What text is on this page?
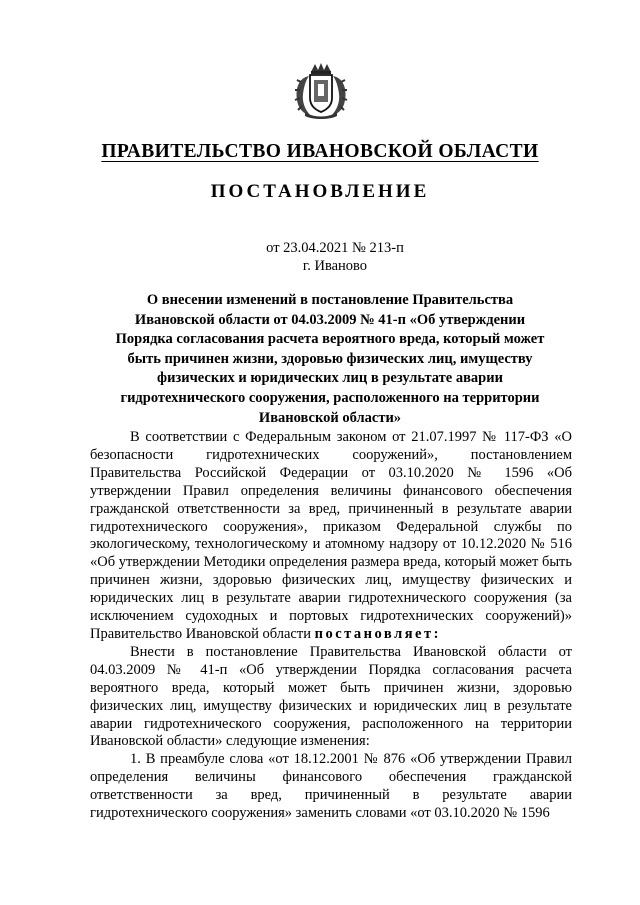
ПРАВИТЕЛЬСТВО ИВАНОВСКОЙ ОБЛАСТИ
ПОСТАНОВЛЕНИЕ
от 23.04.2021 № 213-п
г. Иваново
О внесении изменений в постановление Правительства Ивановской области от 04.03.2009 № 41-п «Об утверждении Порядка согласования расчета вероятного вреда, который может быть причинен жизни, здоровью физических лиц, имуществу физических и юридических лиц в результате аварии гидротехнического сооружения, расположенного на территории Ивановской области»

В соответствии с Федеральным законом от 21.07.1997 № 117-ФЗ «О безопасности гидротехнических сооружений», постановлением Правительства Российской Федерации от 03.10.2020 № 1596 «Об утверждении Правил определения величины финансового обеспечения гражданской ответственности за вред, причиненный в результате аварии гидротехнического сооружения», приказом Федеральной службы по экологическому, технологическому и атомному надзору от 10.12.2020 № 516 «Об утверждении Методики определения размера вреда, который может быть причинен жизни, здоровью физических лиц, имуществу физических и юридических лиц в результате аварии гидротехнического сооружения (за исключением судоходных и портовых гидротехнических сооружений)» Правительство Ивановской области постановляет:

Внести в постановление Правительства Ивановской области от 04.03.2009 № 41-п «Об утверждении Порядка согласования расчета вероятного вреда, который может быть причинен жизни, здоровью физических лиц, имуществу физических и юридических лиц в результате аварии гидротехнического сооружения, расположенного на территории Ивановской области» следующие изменения:

1. В преамбуле слова «от 18.12.2001 № 876 «Об утверждении Правил определения величины финансового обеспечения гражданской ответственности за вред, причиненный в результате аварии гидротехнического сооружения» заменить словами «от 03.10.2020 № 1596
